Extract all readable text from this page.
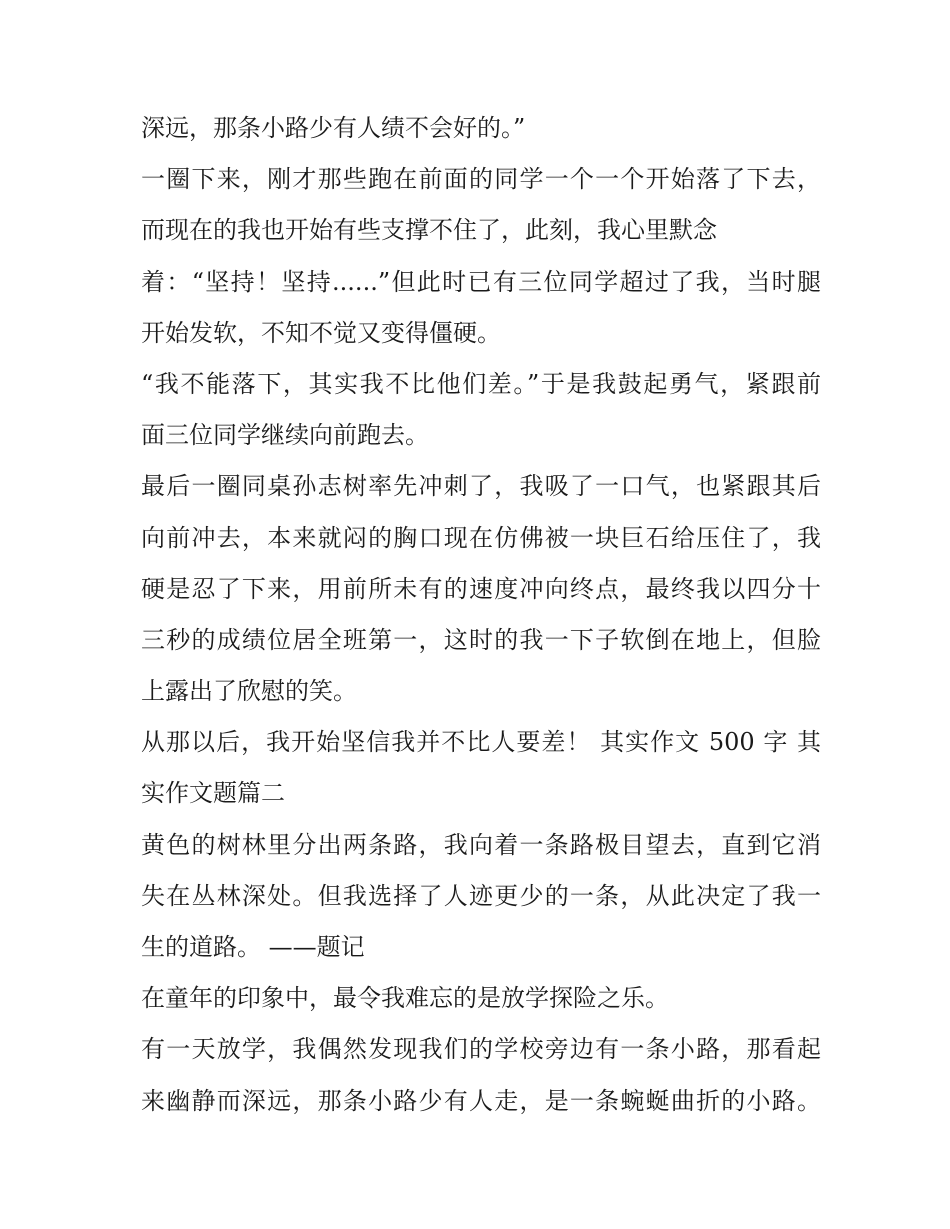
深远，那条小路少有人绩不会好的。”
一圈下来，刚才那些跑在前面的同学一个一个开始落了下去，
而现在的我也开始有些支撑不住了，此刻，我心里默念
着：“坚持！坚持......”但此时已有三位同学超过了我，当时腿
开始发软，不知不觉又变得僵硬。
“我不能落下，其实我不比他们差。”于是我鼓起勇气，紧跟前
面三位同学继续向前跑去。
最后一圈同桌孙志树率先冲刺了，我吸了一口气，也紧跟其后
向前冲去，本来就闷的胸口现在仿佛被一块巨石给压住了，我
硬是忍了下来，用前所未有的速度冲向终点，最终我以四分十
三秒的成绩位居全班第一，这时的我一下子软倒在地上，但脸
上露出了欣慰的笑。
从那以后，我开始坚信我并不比人要差！ 其实作文 500 字 其
实作文题篇二
黄色的树林里分出两条路，我向着一条路极目望去，直到它消
失在丛林深处。但我选择了人迹更少的一条，从此决定了我一
生的道路。 ——题记
在童年的印象中，最令我难忘的是放学探险之乐。
有一天放学，我偶然发现我们的学校旁边有一条小路，那看起
来幽静而深远，那条小路少有人走，是一条蜿蜒曲折的小路。
